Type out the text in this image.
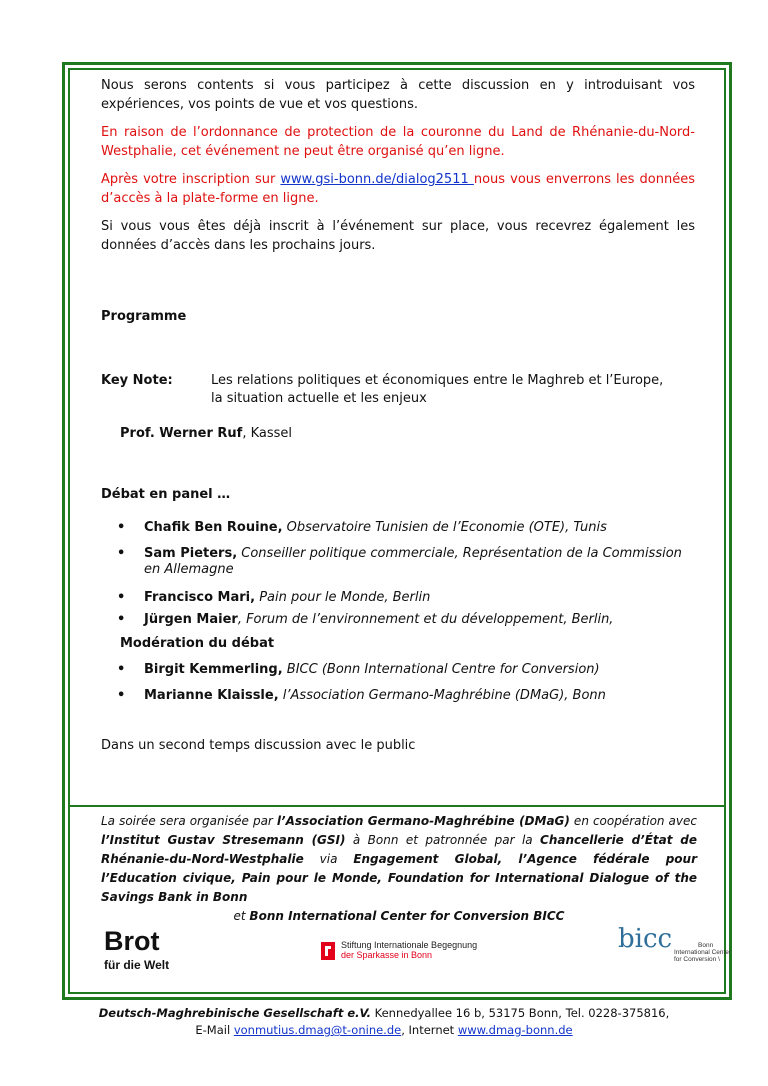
Nous serons contents si vous participez à cette discussion en y introduisant vos expériences, vos points de vue et vos questions.

En raison de l’ordonnance de protection de la couronne du Land de Rhénanie-du-Nord-Westphalie, cet événement ne peut être organisé qu’en ligne.

Après votre inscription sur www.gsi-bonn.de/dialog2511 nous vous enverrons les données d’accès à la plate-forme en ligne.

Si vous vous êtes déjà inscrit à l’événement sur place, vous recevrez également les données d’accès dans les prochains jours.

Programme
Key Note:	Les relations politiques et économiques entre le Maghreb et l’Europe,
la situation actuelle et les enjeux
Prof. Werner Ruf, Kassel
Débat en panel …
• Chafik Ben Rouine, Observatoire Tunisien de l’Economie (OTE), Tunis
• Sam Pieters, Conseiller politique commerciale, Représentation de la Commission en Allemagne
• Francisco Mari, Pain pour le Monde, Berlin
• Jürgen Maier, Forum de l’environnement et du développement, Berlin,
Modération du débat
• Birgit Kemmerling, BICC (Bonn International Centre for Conversion)
• Marianne Klaissle, l’Association Germano-Maghrébine (DMaG), Bonn
Dans un second temps discussion avec le public
La soirée sera organisée par l’Association Germano-Maghrébine (DMaG) en coopération avec l’Institut Gustav Stresemann (GSI) à Bonn et patronnée par la Chancellerie d’État de Rhénanie-du-Nord-Westphalie via Engagement Global, l’Agence fédérale pour l’Education civique, Pain pour le Monde, Foundation for International Dialogue of the Savings Bank in Bonn
et Bonn International Center for Conversion BICC
Brot
für die Welt
Stiftung Internationale Begegnung
der Sparkasse in Bonn
bicc	Bonn
International Center
for Conversion \
Deutsch-Maghrebinische Gesellschaft e.V. Kennedyallee 16 b, 53175 Bonn, Tel. 0228-375816,
E-Mail vonmutius.dmag@t-onine.de, Internet www.dmag-bonn.de
